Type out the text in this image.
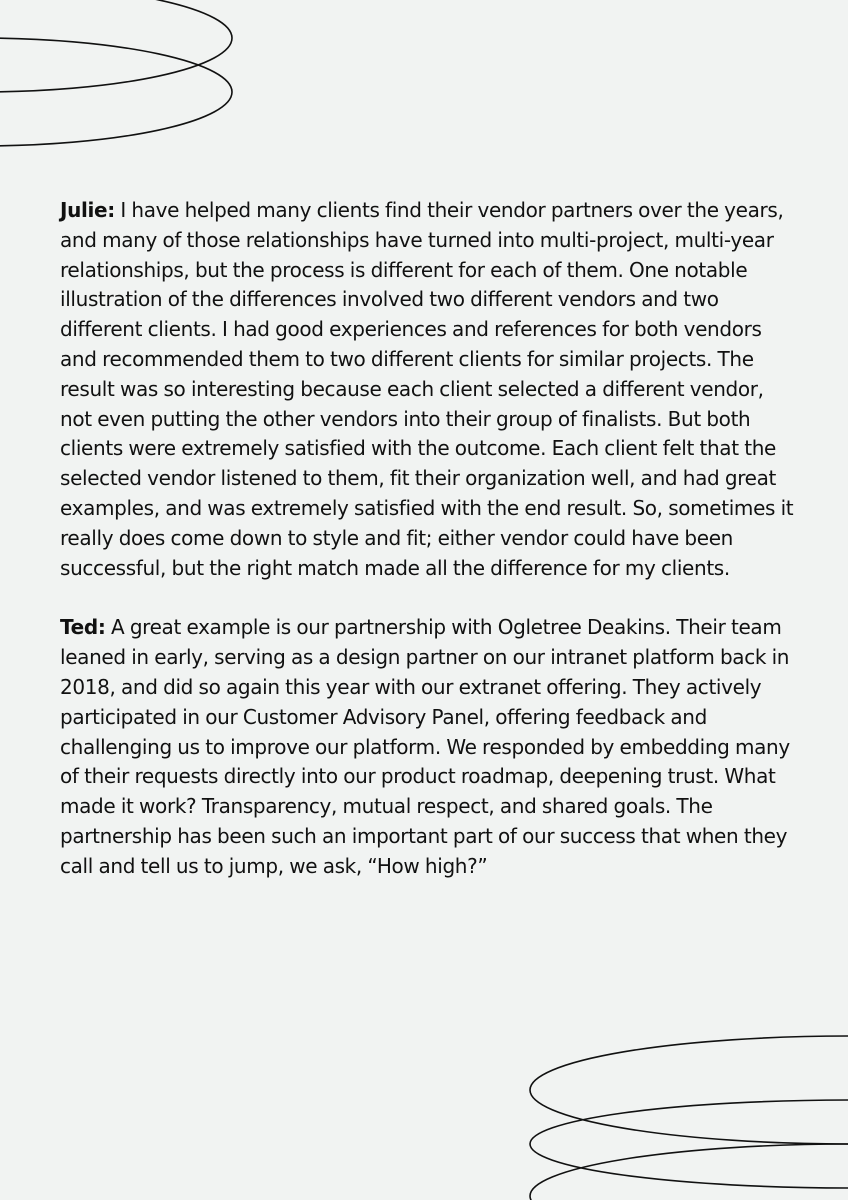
Julie: I have helped many clients find their vendor partners over the years, and many of those relationships have turned into multi-project, multi-year relationships, but the process is different for each of them. One notable illustration of the differences involved two different vendors and two different clients. I had good experiences and references for both vendors and recommended them to two different clients for similar projects. The result was so interesting because each client selected a different vendor, not even putting the other vendors into their group of finalists. But both clients were extremely satisfied with the outcome. Each client felt that the selected vendor listened to them, fit their organization well, and had great examples, and was extremely satisfied with the end result. So, sometimes it really does come down to style and fit; either vendor could have been successful, but the right match made all the difference for my clients.

Ted: A great example is our partnership with Ogletree Deakins. Their team leaned in early, serving as a design partner on our intranet platform back in 2018, and did so again this year with our extranet offering. They actively participated in our Customer Advisory Panel, offering feedback and challenging us to improve our platform. We responded by embedding many of their requests directly into our product roadmap, deepening trust. What made it work? Transparency, mutual respect, and shared goals. The partnership has been such an important part of our success that when they call and tell us to jump, we ask, “How high?”
